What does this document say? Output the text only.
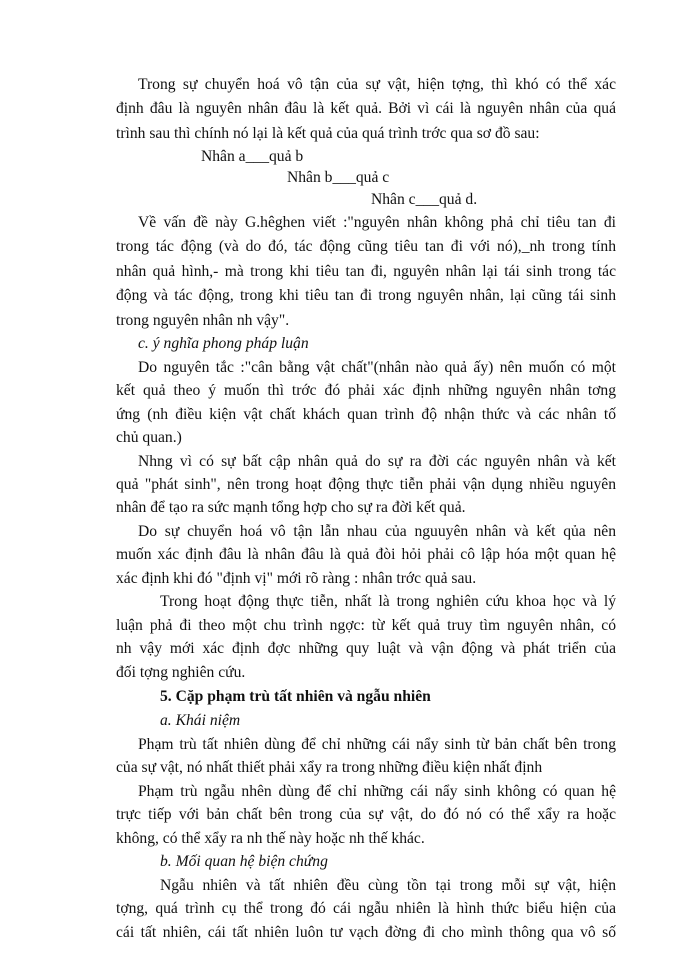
Trong sự chuyển hoá vô tận của sự vật, hiện tợng, thì khó có thể xác
định đâu là nguyên nhân đâu là kết quả. Bởi vì cái là nguyên nhân của quá
trình sau thì chính nó lại là kết quả của quá trình trớc qua sơ đồ sau:
Nhân a___quả b
Nhân b___quả c
Nhân c___quả d.
Về vấn đề này G.hêghen viết :"nguyên nhân không phả chỉ tiêu tan đi
trong tác động (và do đó, tác động cũng tiêu tan đi với nó),_nh trong tính
nhân quả hình,- mà trong khi tiêu tan đi, nguyên nhân lại tái sinh trong tác
động và tác động, trong khi tiêu tan đi trong nguyên nhân, lại cũng tái sinh
trong nguyên nhân nh vậy".
c. ý nghĩa phong pháp luận
Do nguyên tắc :"cân bằng vật chất"(nhân nào quả ấy) nên muốn có một
kết quả theo ý muốn thì trớc đó phải xác định những nguyên nhân tơng
ứng (nh điều kiện vật chất khách quan trình độ nhận thức và các nhân tố
chủ quan.)
Nhng vì có sự bất cập nhân quả do sự ra đời các nguyên nhân và kết
quả "phát sinh", nên trong hoạt động thực tiễn phải vận dụng nhiều nguyên
nhân để tạo ra sức mạnh tổng hợp cho sự ra đời kết quả.
Do sự chuyển hoá vô tận lẫn nhau của nguuyên nhân và kết qủa nên
muốn xác định đâu là nhân đâu là quả đòi hỏi phải cô lập hóa một quan hệ
xác định khi đó "định vị" mới rõ ràng : nhân trớc quả sau.
Trong hoạt động thực tiễn, nhất là trong nghiên cứu khoa học và lý
luận phả đi theo một chu trình ngợc: từ kết quả truy tìm nguyên nhân, có
nh vậy mới xác định đợc những quy luật và vận động và phát triển của
đối tợng nghiên cứu.
5. Cặp phạm trù tất nhiên và ngẫu nhiên
a. Khái niệm
Phạm trù tất nhiên dùng để chỉ những cái nẩy sinh từ bản chất bên trong
của sự vật, nó nhất thiết phải xẩy ra trong những điều kiện nhất định
Phạm trù ngẫu nhên dùng để chỉ những cái nẩy sinh không có quan hệ
trực tiếp với bản chất bên trong của sự vật, do đó nó có thể xẩy ra hoặc
không, có thể xẩy ra nh thế này hoặc nh thế khác.
b. Mối quan hệ biện chứng
Ngẫu nhiên và tất nhiên đều cùng tồn tại trong mỗi sự vật, hiện
tợng, quá trình cụ thể trong đó cái ngẫu nhiên là hình thức biểu hiện của
cái tất nhiên, cái tất nhiên luôn tư vạch đờng đi cho mình thông qua vô số
